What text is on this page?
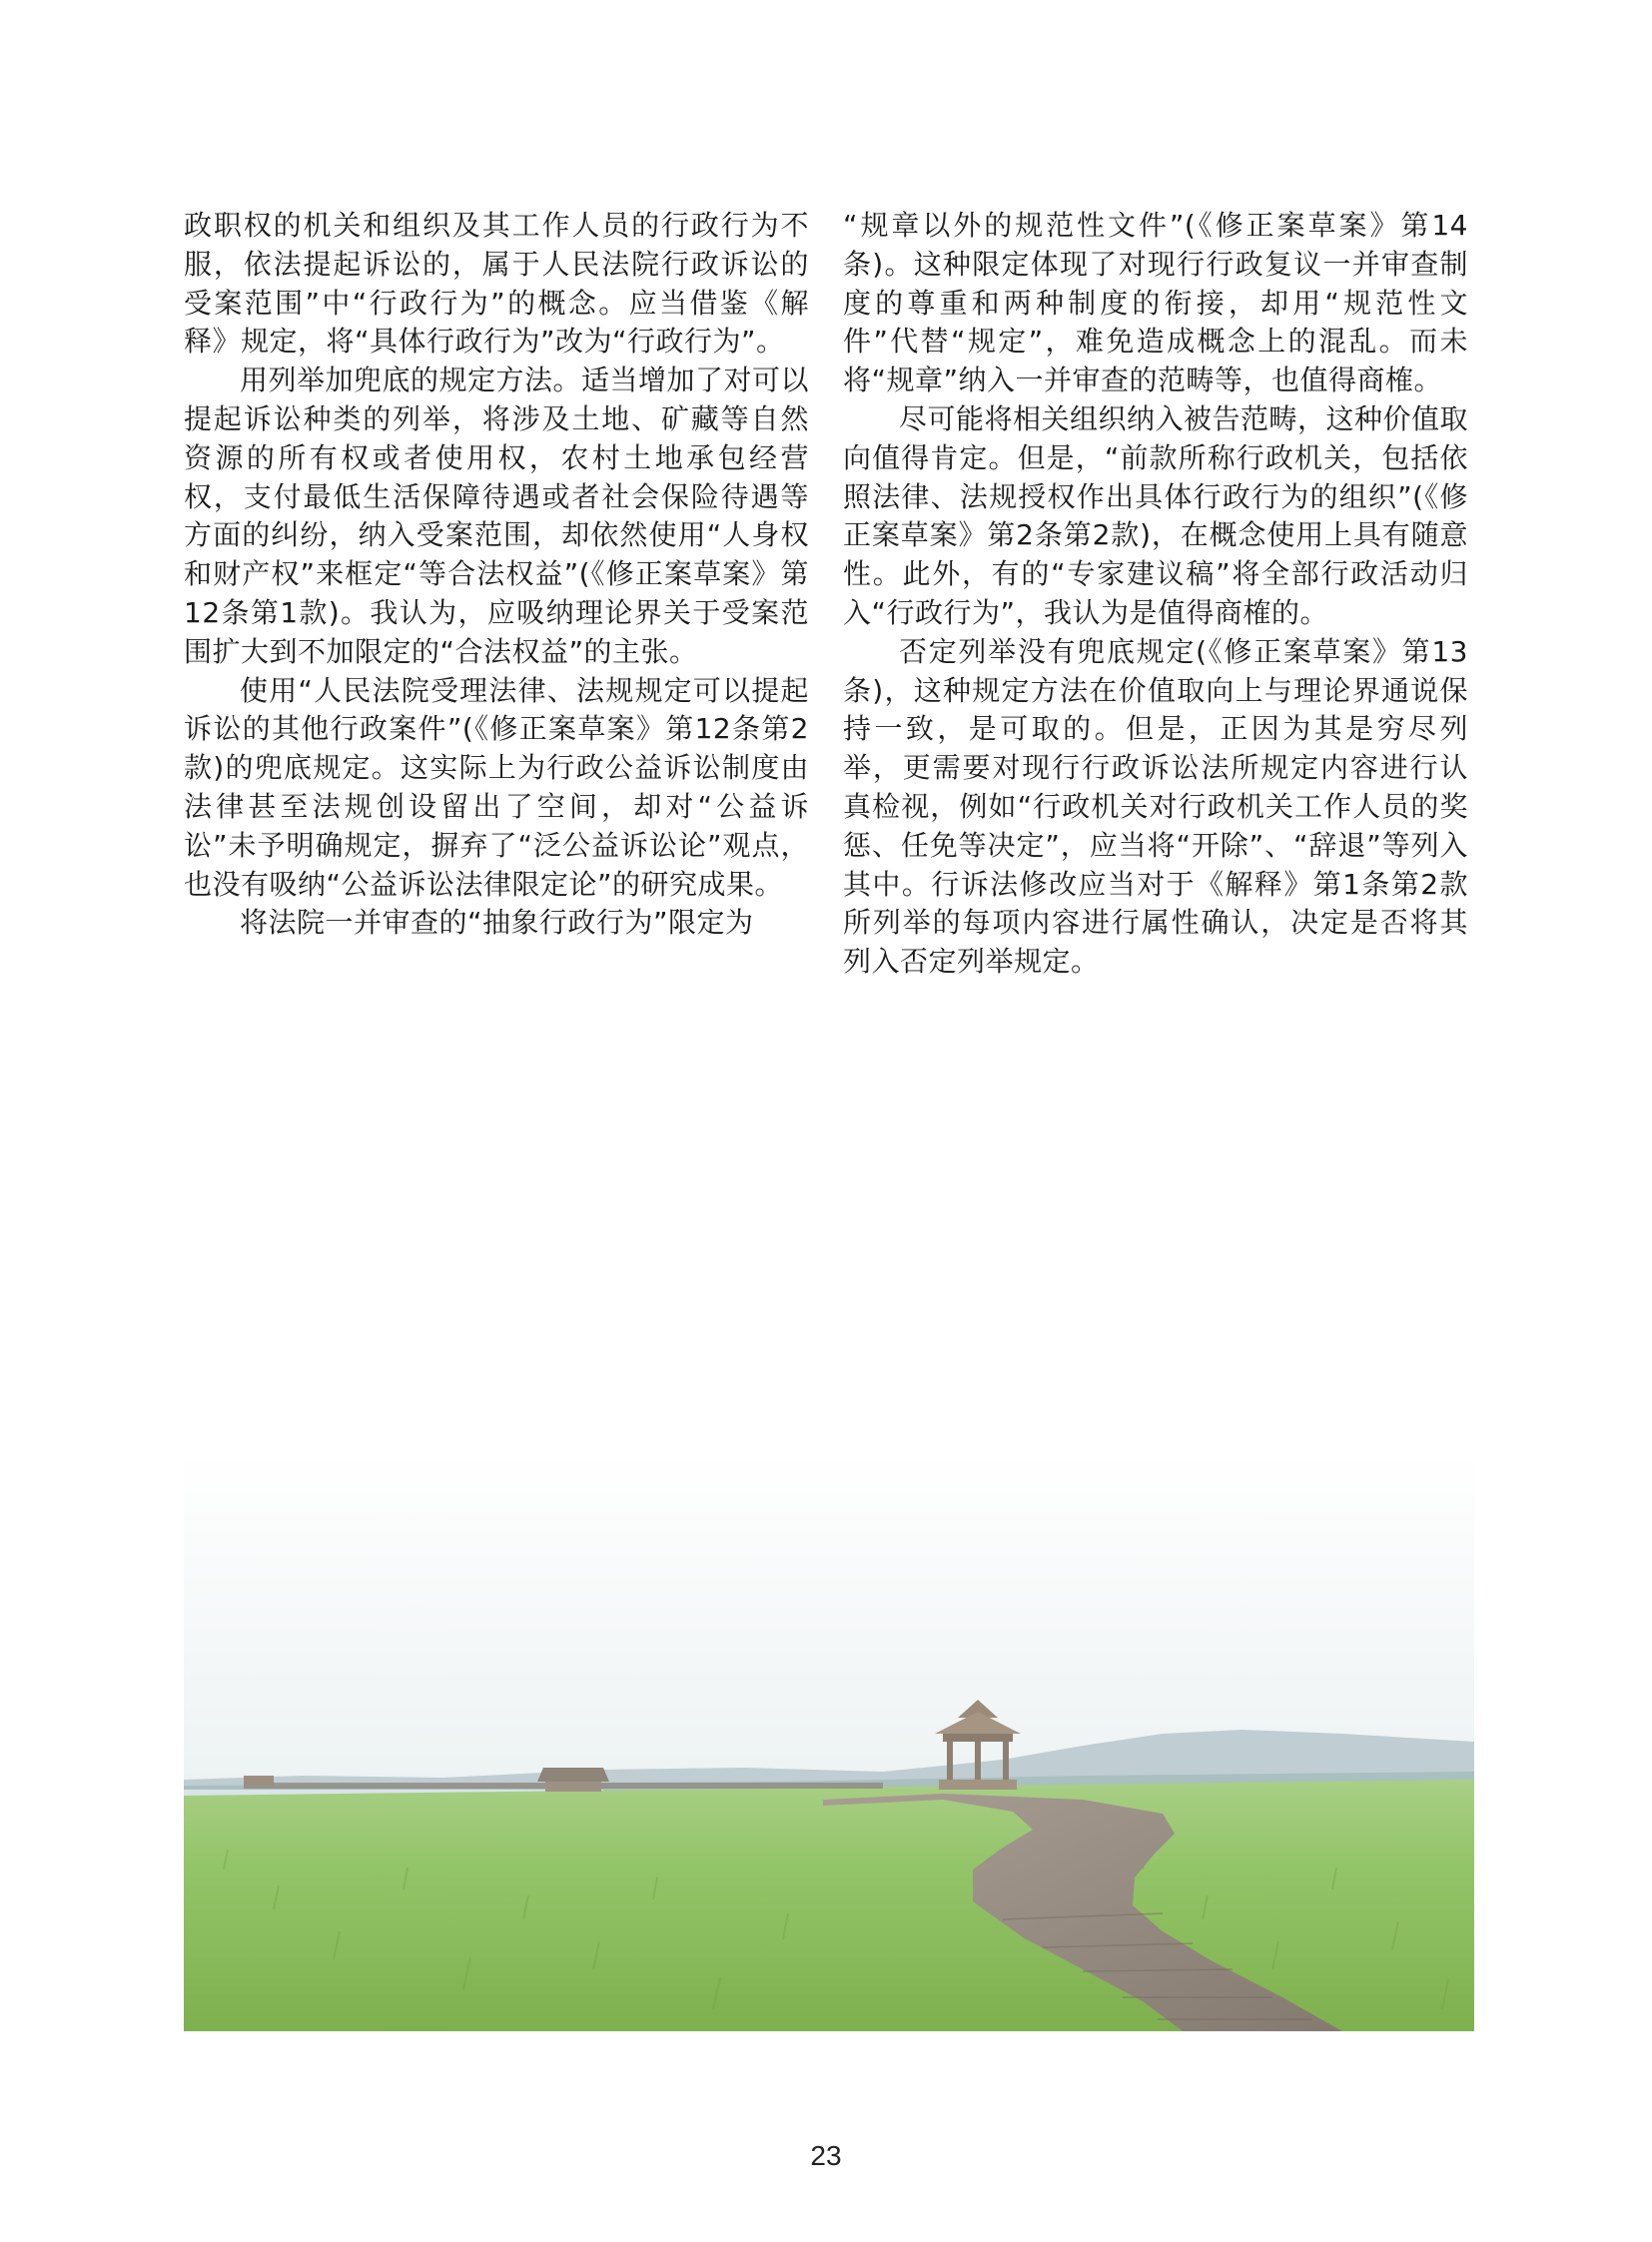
政职权的机关和组织及其工作人员的行政行为不服，依法提起诉讼的，属于人民法院行政诉讼的受案范围”中“行政行为”的概念。应当借鉴《解释》规定，将“具体行政行为”改为“行政行为”。

用列举加兜底的规定方法。适当增加了对可以提起诉讼种类的列举，将涉及土地、矿藏等自然资源的所有权或者使用权，农村土地承包经营权，支付最低生活保障待遇或者社会保险待遇等方面的纠纷，纳入受案范围，却依然使用“人身权和财产权”来框定“等合法权益”(《修正案草案》第12条第1款)。我认为，应吸纳理论界关于受案范围扩大到不加限定的“合法权益”的主张。

使用“人民法院受理法律、法规规定可以提起诉讼的其他行政案件”(《修正案草案》第12条第2款)的兜底规定。这实际上为行政公益诉讼制度由法律甚至法规创设留出了空间，却对“公益诉讼”未予明确规定，摒弃了“泛公益诉讼论”观点，也没有吸纳“公益诉讼法律限定论”的研究成果。

将法院一并审查的“抽象行政行为”限定为

“规章以外的规范性文件”(《修正案草案》第14条)。这种限定体现了对现行行政复议一并审查制度的尊重和两种制度的衔接，却用“规范性文件”代替“规定”，难免造成概念上的混乱。而未将“规章”纳入一并审查的范畴等，也值得商榷。

尽可能将相关组织纳入被告范畴，这种价值取向值得肯定。但是，“前款所称行政机关，包括依照法律、法规授权作出具体行政行为的组织”(《修正案草案》第2条第2款)，在概念使用上具有随意性。此外，有的“专家建议稿”将全部行政活动归入“行政行为”，我认为是值得商榷的。

否定列举没有兜底规定(《修正案草案》第13条)，这种规定方法在价值取向上与理论界通说保持一致，是可取的。但是，正因为其是穷尽列举，更需要对现行行政诉讼法所规定内容进行认真检视，例如“行政机关对行政机关工作人员的奖惩、任免等决定”，应当将“开除”、“辞退”等列入其中。行诉法修改应当对于《解释》第1条第2款所列举的每项内容进行属性确认，决定是否将其列入否定列举规定。

23
